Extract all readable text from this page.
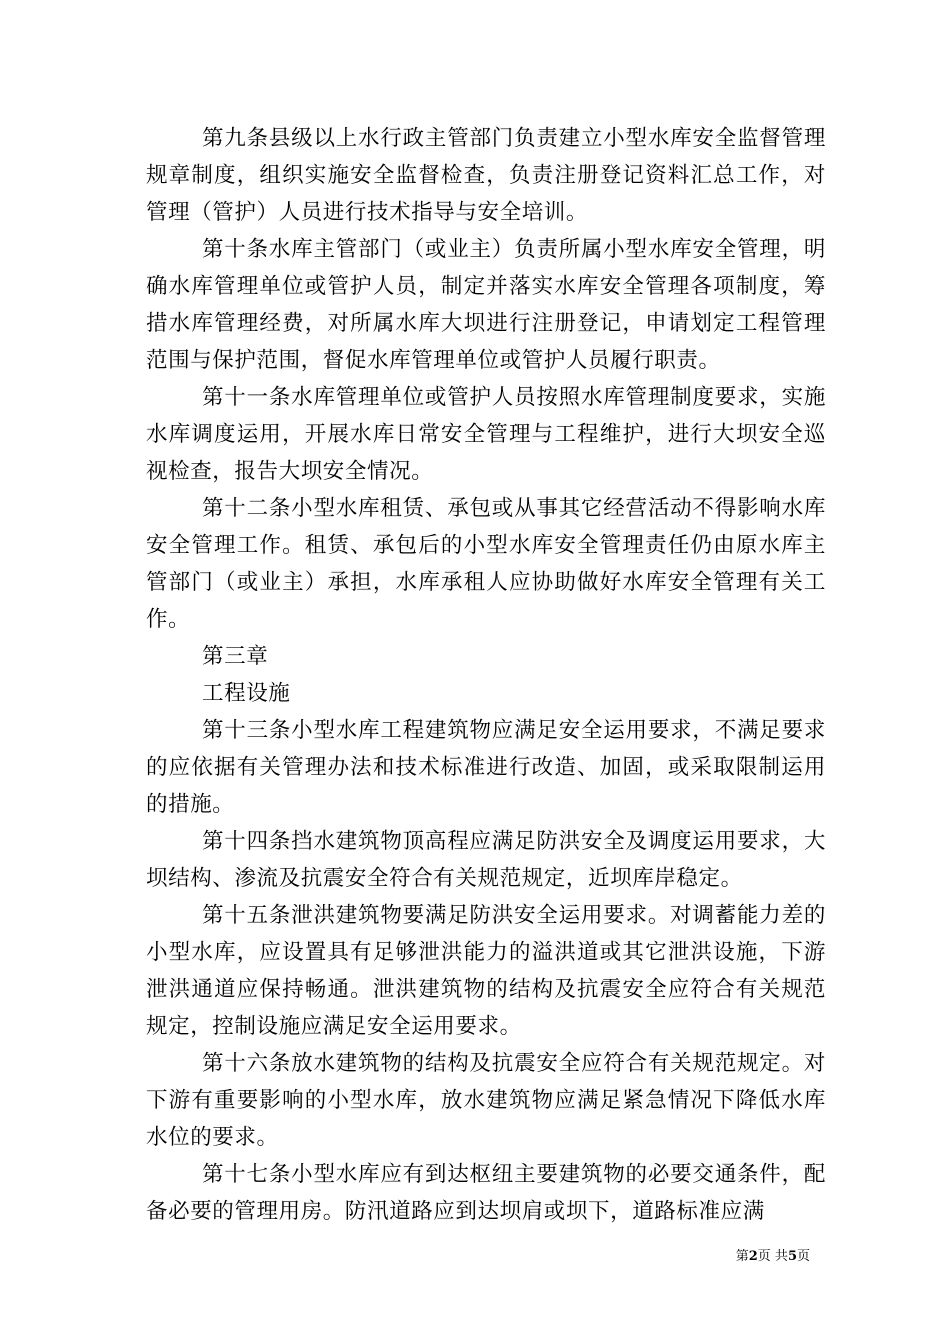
第九条县级以上水行政主管部门负责建立小型水库安全监督管理规章制度，组织实施安全监督检查，负责注册登记资料汇总工作，对管理（管护）人员进行技术指导与安全培训。

第十条水库主管部门（或业主）负责所属小型水库安全管理，明确水库管理单位或管护人员，制定并落实水库安全管理各项制度，筹措水库管理经费，对所属水库大坝进行注册登记，申请划定工程管理范围与保护范围，督促水库管理单位或管护人员履行职责。

第十一条水库管理单位或管护人员按照水库管理制度要求，实施水库调度运用，开展水库日常安全管理与工程维护，进行大坝安全巡视检查，报告大坝安全情况。

第十二条小型水库租赁、承包或从事其它经营活动不得影响水库安全管理工作。租赁、承包后的小型水库安全管理责任仍由原水库主管部门（或业主）承担，水库承租人应协助做好水库安全管理有关工作。

第三章

工程设施

第十三条小型水库工程建筑物应满足安全运用要求，不满足要求的应依据有关管理办法和技术标准进行改造、加固，或采取限制运用的措施。

第十四条挡水建筑物顶高程应满足防洪安全及调度运用要求，大坝结构、渗流及抗震安全符合有关规范规定，近坝库岸稳定。

第十五条泄洪建筑物要满足防洪安全运用要求。对调蓄能力差的小型水库，应设置具有足够泄洪能力的溢洪道或其它泄洪设施，下游泄洪通道应保持畅通。泄洪建筑物的结构及抗震安全应符合有关规范规定，控制设施应满足安全运用要求。

第十六条放水建筑物的结构及抗震安全应符合有关规范规定。对下游有重要影响的小型水库，放水建筑物应满足紧急情况下降低水库水位的要求。

第十七条小型水库应有到达枢纽主要建筑物的必要交通条件，配备必要的管理用房。防汛道路应到达坝肩或坝下，道路标准应满

第2页 共5页
